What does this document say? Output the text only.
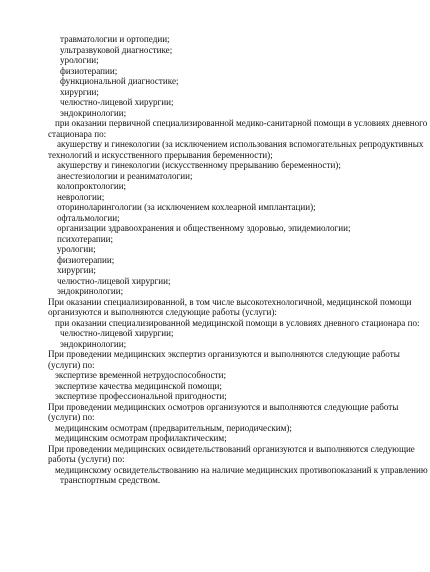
травматологии и ортопедии;
ультразвуковой диагностике;
урологии;
физиотерапии;
функциональной диагностике;
хирургии;
челюстно-лицевой хирургии;
эндокринологии;
при оказании первичной специализированной медико-санитарной помощи в условиях дневного
стационара по:
акушерству и гинекологии (за исключением использования вспомогательных репродуктивных
технологий и искусственного прерывания беременности);
акушерству и гинекологии (искусственному прерыванию беременности);
анестезиологии и реаниматологии;
колопроктологии;
неврологии;
оториноларингологии (за исключением кохлеарной имплантации);
офтальмологии;
организации здравоохранения и общественному здоровью, эпидемиологии;
психотерапии;
урологии;
физиотерапии;
хирургии;
челюстно-лицевой хирургии;
эндокринологии;
При оказании специализированной, в том числе высокотехнологичной, медицинской помощи
организуются и выполняются следующие работы (услуги):
при оказании специализированной медицинской помощи в условиях дневного стационара по:
челюстно-лицевой хирургии;
эндокринологии;
При проведении медицинских экспертиз организуются и выполняются следующие работы
(услуги) по:
экспертизе временной нетрудоспособности;
экспертизе качества медицинской помощи;
экспертизе профессиональной пригодности;
При проведении медицинских осмотров организуются и выполняются следующие работы
(услуги) по:
медицинским осмотрам (предварительным, периодическим);
медицинским осмотрам профилактическим;
При проведении медицинских освидетельствований организуются и выполняются следующие
работы (услуги) по:
медицинскому освидетельствованию на наличие медицинских противопоказаний к управлению
транспортным средством.
